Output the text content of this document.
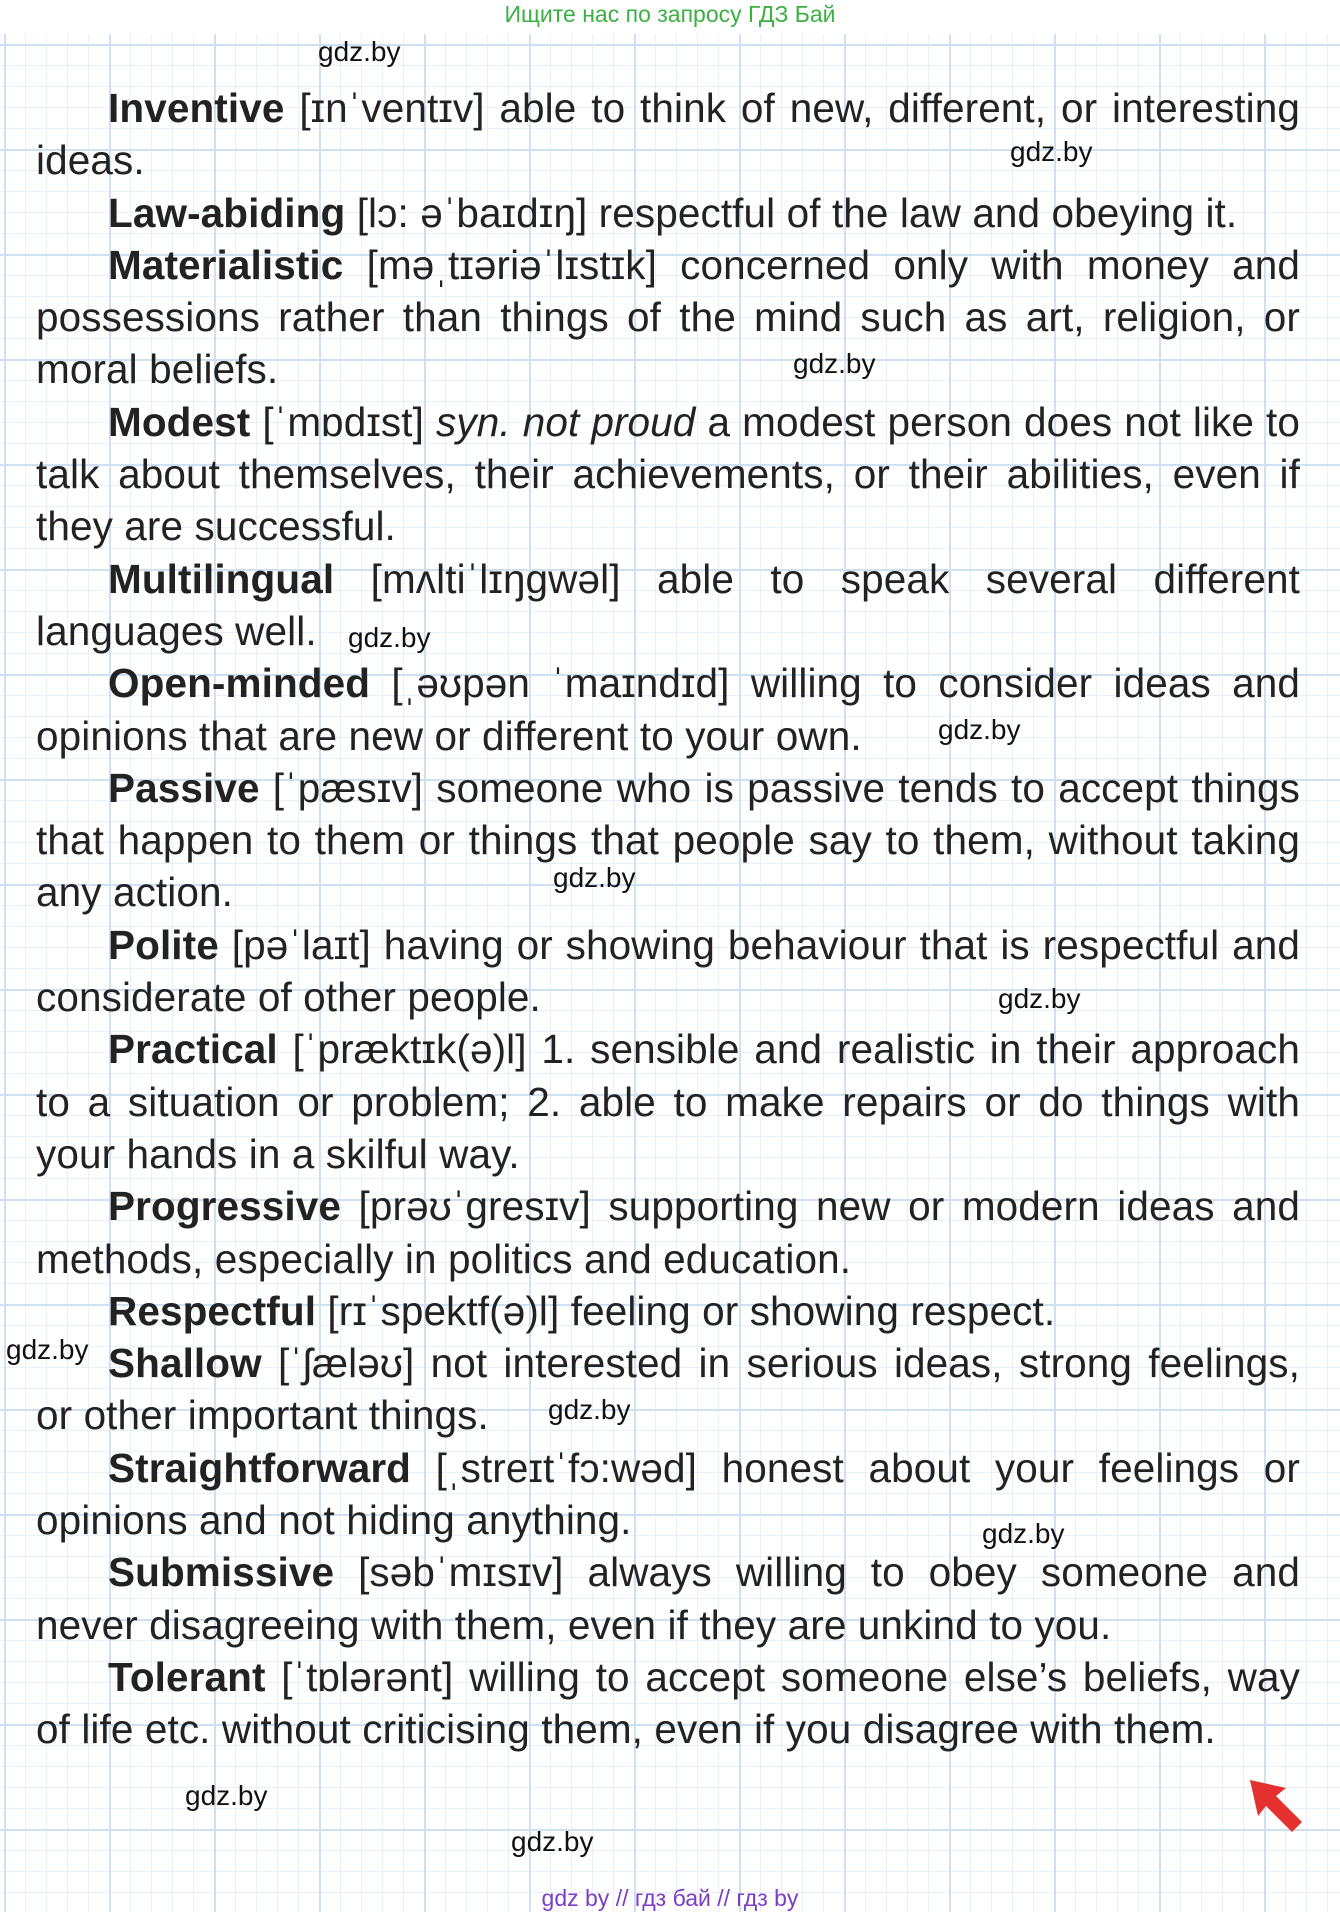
Ищите нас по запросу ГДЗ Бай

Inventive [ɪnˈventɪv] able to think of new, different, or interesting ideas.

Law-abiding [lɔ: əˈbaɪdɪŋ] respectful of the law and obeying it.

Materialistic [məˌtɪəriəˈlɪstɪk] concerned only with money and possessions rather than things of the mind such as art, religion, or moral beliefs.

Modest [ˈmɒdɪst] syn. not proud a modest person does not like to talk about themselves, their achievements, or their abilities, even if they are successful.

Multilingual [mʌltiˈlɪŋgwəl] able to speak several different languages well.

Open-minded [ˌəʊpən ˈmaɪndɪd] willing to consider ideas and opinions that are new or different to your own.

Passive [ˈpæsɪv] someone who is passive tends to accept things that happen to them or things that people say to them, without taking any action.

Polite [pəˈlaɪt] having or showing behaviour that is respectful and considerate of other people.

Practical [ˈpræktɪk(ə)l] 1. sensible and realistic in their approach to a situation or problem; 2. able to make repairs or do things with your hands in a skilful way.

Progressive [prəʊˈgresɪv] supporting new or modern ideas and methods, especially in politics and education.

Respectful [rɪˈspektf(ə)l] feeling or showing respect.

Shallow [ˈʃæləʊ] not interested in serious ideas, strong feelings, or other important things.

Straightforward [ˌstreɪtˈfɔ:wəd] honest about your feelings or opinions and not hiding anything.

Submissive [səbˈmɪsɪv] always willing to obey someone and never disagreeing with them, even if they are unkind to you.

Tolerant [ˈtɒlərənt] willing to accept someone else’s beliefs, way of life etc. without criticising them, even if you disagree with them.

gdz.by
gdz.by
gdz.by
gdz.by
gdz.by
gdz.by
gdz.by
gdz.by
gdz.by
gdz.by
gdz.by
gdz.by
gdz by // гдз бай // гдз by
